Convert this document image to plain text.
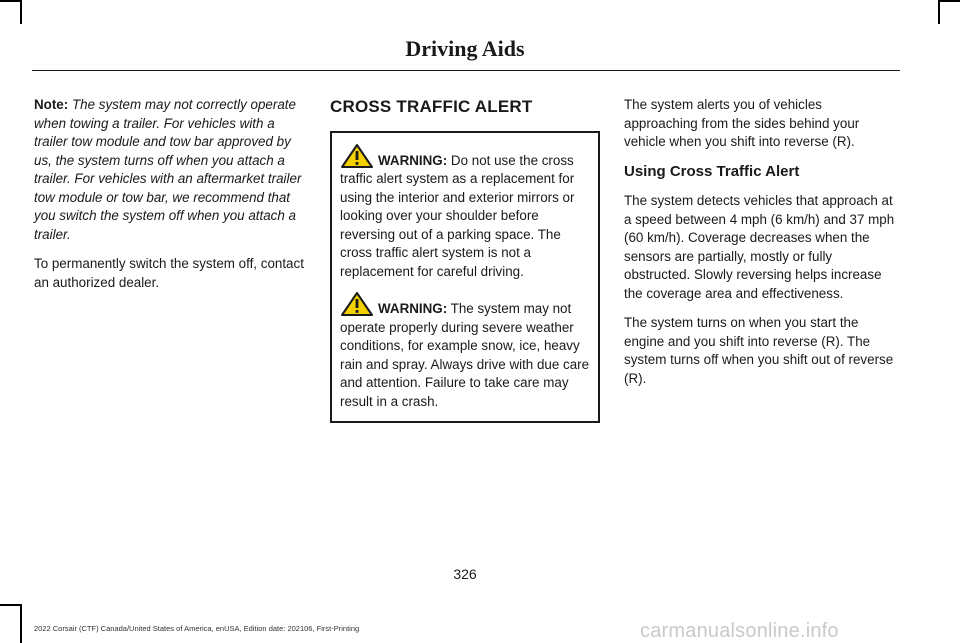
Driving Aids

Note: The system may not correctly operate when towing a trailer. For vehicles with a trailer tow module and tow bar approved by us, the system turns off when you attach a trailer. For vehicles with an aftermarket trailer tow module or tow bar, we recommend that you switch the system off when you attach a trailer.

To permanently switch the system off, contact an authorized dealer.

CROSS TRAFFIC ALERT
WARNING: Do not use the cross traffic alert system as a replacement for using the interior and exterior mirrors or looking over your shoulder before reversing out of a parking space. The cross traffic alert system is not a replacement for careful driving.
WARNING: The system may not operate properly during severe weather conditions, for example snow, ice, heavy rain and spray. Always drive with due care and attention. Failure to take care may result in a crash.

The system alerts you of vehicles approaching from the sides behind your vehicle when you shift into reverse (R).

Using Cross Traffic Alert

The system detects vehicles that approach at a speed between 4 mph (6 km/h) and 37 mph (60 km/h). Coverage decreases when the sensors are partially, mostly or fully obstructed. Slowly reversing helps increase the coverage area and effectiveness.

The system turns on when you start the engine and you shift into reverse (R). The system turns off when you shift out of reverse (R).

326
2022 Corsair (CTF) Canada/United States of America, enUSA, Edition date: 202106, First-Printing	carmanualsonline.info
